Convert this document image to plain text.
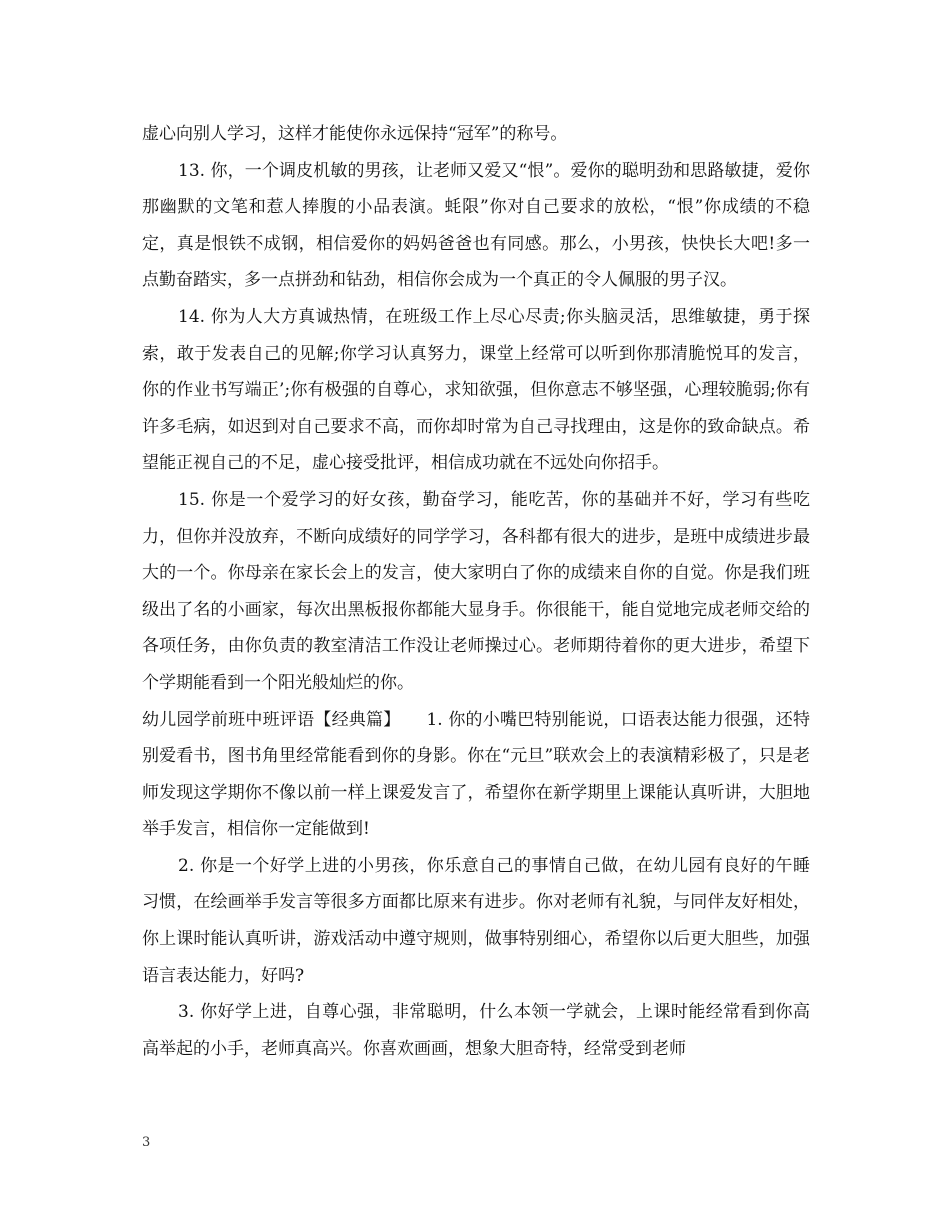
虚心向别人学习，这样才能使你永远保持“冠军”的称号。

13. 你，一个调皮机敏的男孩，让老师又爱又“恨”。爱你的聪明劲和思路敏捷，爱你那幽默的文笔和惹人捧腹的小品表演。蚝限”你对自己要求的放松，“恨”你成绩的不稳定，真是恨铁不成钢，相信爱你的妈妈爸爸也有同感。那么，小男孩，快快长大吧!多一点勤奋踏实，多一点拼劲和钻劲，相信你会成为一个真正的令人佩服的男子汉。

14. 你为人大方真诚热情，在班级工作上尽心尽责;你头脑灵活，思维敏捷，勇于探索，敢于发表自己的见解;你学习认真努力，课堂上经常可以听到你那清脆悦耳的发言，你的作业书写端正’;你有极强的自尊心，求知欲强，但你意志不够坚强，心理较脆弱;你有许多毛病，如迟到对自己要求不高，而你却时常为自己寻找理由，这是你的致命缺点。希望能正视自己的不足，虚心接受批评，相信成功就在不远处向你招手。

15. 你是一个爱学习的好女孩，勤奋学习，能吃苦，你的基础并不好，学习有些吃力，但你并没放弃，不断向成绩好的同学学习，各科都有很大的进步，是班中成绩进步最大的一个。你母亲在家长会上的发言，使大家明白了你的成绩来自你的自觉。你是我们班级出了名的小画家，每次出黑板报你都能大显身手。你很能干，能自觉地完成老师交给的各项任务，由你负责的教室清洁工作没让老师操过心。老师期待着你的更大进步，希望下个学期能看到一个阳光般灿烂的你。

幼儿园学前班中班评语【经典篇】　　1. 你的小嘴巴特别能说，口语表达能力很强，还特别爱看书，图书角里经常能看到你的身影。你在“元旦”联欢会上的表演精彩极了，只是老师发现这学期你不像以前一样上课爱发言了，希望你在新学期里上课能认真听讲，大胆地举手发言，相信你一定能做到!

2. 你是一个好学上进的小男孩，你乐意自己的事情自己做，在幼儿园有良好的午睡习惯，在绘画举手发言等很多方面都比原来有进步。你对老师有礼貌，与同伴友好相处，你上课时能认真听讲，游戏活动中遵守规则，做事特别细心，希望你以后更大胆些，加强语言表达能力，好吗?

3. 你好学上进，自尊心强，非常聪明，什么本领一学就会，上课时能经常看到你高高举起的小手，老师真高兴。你喜欢画画，想象大胆奇特，经常受到老师

3
